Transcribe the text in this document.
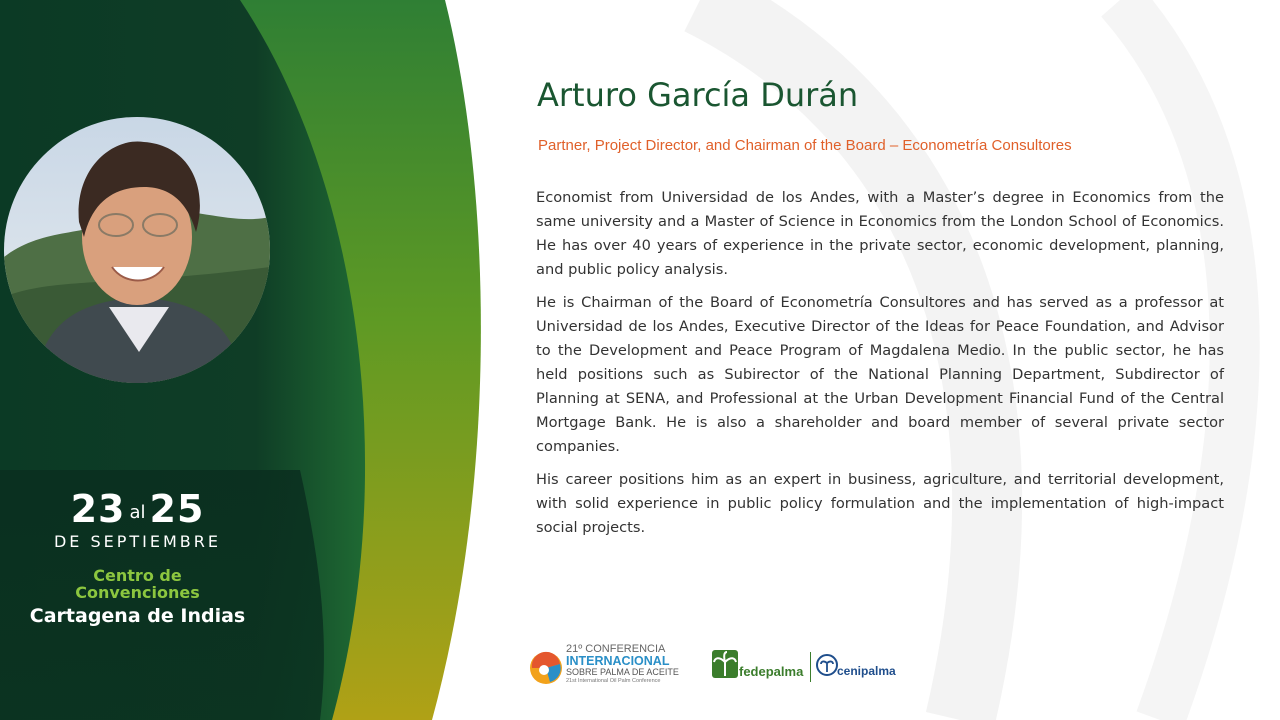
23 al 25
DE SEPTIEMBRE
Centro de
Convenciones
Cartagena de Indias
Arturo García Durán
Partner, Project Director, and Chairman of the Board – Econometría Consultores

Economist from Universidad de los Andes, with a Master’s degree in Economics from the same university and a Master of Science in Economics from the London School of Economics. He has over 40 years of experience in the private sector, economic development, planning, and public policy analysis.

He is Chairman of the Board of Econometría Consultores and has served as a professor at Universidad de los Andes, Executive Director of the Ideas for Peace Foundation, and Advisor to the Development and Peace Program of Magdalena Medio. In the public sector, he has held positions such as Subirector of the National Planning Department, Subdirector of Planning at SENA, and Professional at the Urban Development Financial Fund of the Central Mortgage Bank. He is also a shareholder and board member of several private sector companies.

His career positions him as an expert in business, agriculture, and territorial development, with solid experience in public policy formulation and the implementation of high-impact social projects.

21º CONFERENCIA
INTERNACIONAL
SOBRE PALMA DE ACEITE
21st International Oil Palm Conference
fedepalma	cenipalma
